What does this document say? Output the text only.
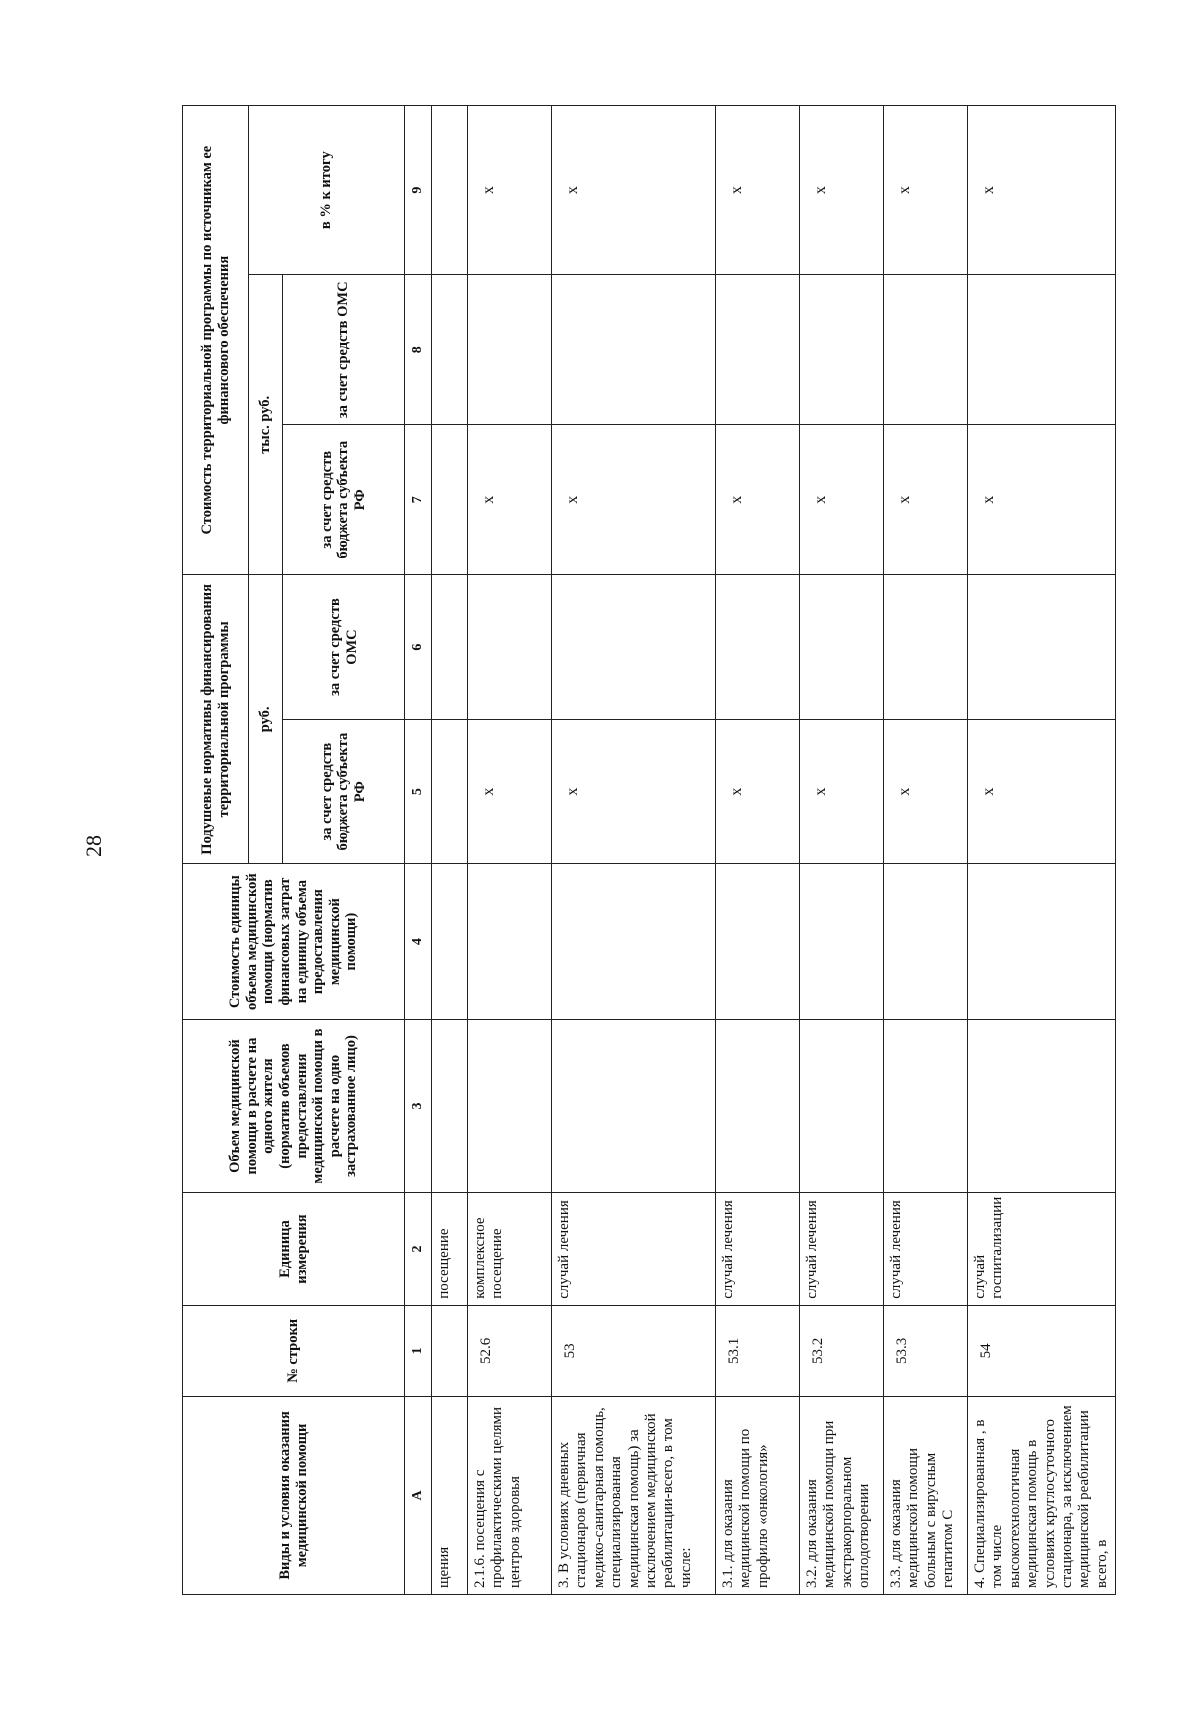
28
Виды и условия оказания медицинской помощи	№ строки	Единица измерения	Объем медицинской помощи в расчете на одного жителя (норматив объемов предоставления медицинской помощи в расчете на одно застрахованное лицо)	Стоимость единицы объема медицинской помощи (норматив финансовых затрат на единицу объема предоставления медицинской помощи)	Подушевые нормативы финансирования территориальной программы		Стоимость территориальной программы по источникам ее финансового обеспечения		
					руб.		тыс. руб.		в % к итогу
					за счет средств бюджета субъекта РФ	за счет средств ОМС	за счет средств бюджета субъекта РФ	за счет средств ОМС	
А	1	2	3	4	5	6	7	8	9
щения		посещение							
2.1.6. посещения с профилактическими целями центров здоровья	52.6	комплексное посещение			х		х		х
3. В условиях дневных стационаров (первичная медико-санитарная помощь, специализированная медицинская помощь) за исключением медицинской реабилитации-всего, в том числе:	53	случай лечения			х		х		х
3.1. для оказания медицинской помощи по профилю «онкология»	53.1	случай лечения			х		х		х
3.2. для оказания медицинской помощи при экстракорпоральном оплодотворении	53.2	случай лечения			х		х		х
3.3. для оказания медицинской помощи больным с вирусным гепатитом С	53.3	случай лечения			х		х		х
4. Специализированная , в том числе высокотехнологичная медицинская помощь в условиях круглосуточного стационара, за исключением медицинской реабилитации всего, в	54	случай госпитализации			х		х		х
